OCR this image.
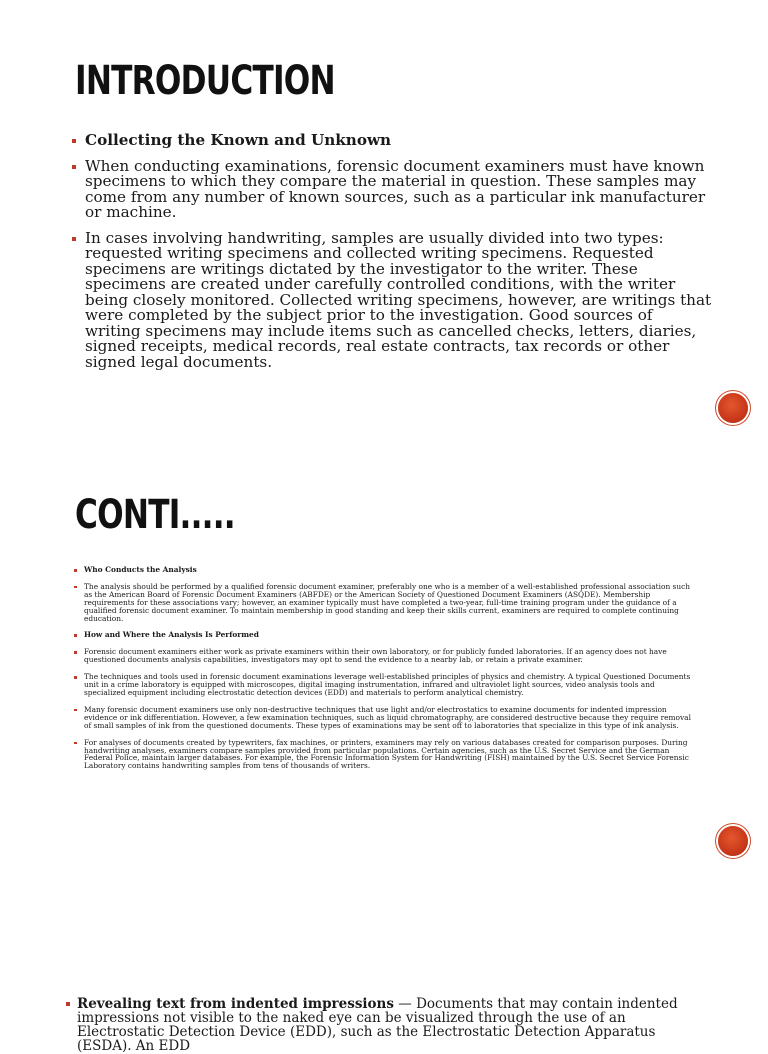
INTRODUCTION
Collecting the Known and Unknown
When conducting examinations, forensic document examiners must have known specimens to which they compare the material in question. These samples may come from any number of known sources, such as a particular ink manufacturer or machine.
In cases involving handwriting, samples are usually divided into two types: requested writing specimens and collected writing specimens. Requested specimens are writings dictated by the investigator to the writer. These specimens are created under carefully controlled conditions, with the writer being closely monitored. Collected writing specimens, however, are writings that were completed by the subject prior to the investigation. Good sources of writing specimens may include items such as cancelled checks, letters, diaries, signed receipts, medical records, real estate contracts, tax records or other signed legal documents.
CONTI.....
Who Conducts the Analysis
The analysis should be performed by a qualified forensic document examiner, preferably one who is a member of a well-established professional association such as the American Board of Forensic Document Examiners (ABFDE) or the American Society of Questioned Document Examiners (ASQDE). Membership requirements for these associations vary; however, an examiner typically must have completed a two-year, full-time training program under the guidance of a qualified forensic document examiner. To maintain membership in good standing and keep their skills current, examiners are required to complete continuing education.
How and Where the Analysis Is Performed
Forensic document examiners either work as private examiners within their own laboratory, or for publicly funded laboratories. If an agency does not have questioned documents analysis capabilities, investigators may opt to send the evidence to a nearby lab, or retain a private examiner.
The techniques and tools used in forensic document examinations leverage well-established principles of physics and chemistry. A typical Questioned Documents unit in a crime laboratory is equipped with microscopes, digital imaging instrumentation, infrared and ultraviolet light sources, video analysis tools and specialized equipment including electrostatic detection devices (EDD) and materials to perform analytical chemistry.
Many forensic document examiners use only non-destructive techniques that use light and/or electrostatics to examine documents for indented impression evidence or ink differentiation. However, a few examination techniques, such as liquid chromatography, are considered destructive because they require removal of small samples of ink from the questioned documents. These types of examinations may be sent off to laboratories that specialize in this type of ink analysis.
For analyses of documents created by typewriters, fax machines, or printers, examiners may rely on various databases created for comparison purposes. During handwriting analyses, examiners compare samples provided from particular populations. Certain agencies, such as the U.S. Secret Service and the German Federal Police, maintain larger databases. For example, the Forensic Information System for Handwriting (FISH) maintained by the U.S. Secret Service Forensic Laboratory contains handwriting samples from tens of thousands of writers.
Revealing text from indented impressions — Documents that may contain indented impressions not visible to the naked eye can be visualized through the use of an Electrostatic Detection Device (EDD), such as the Electrostatic Detection Apparatus (ESDA). An EDD
